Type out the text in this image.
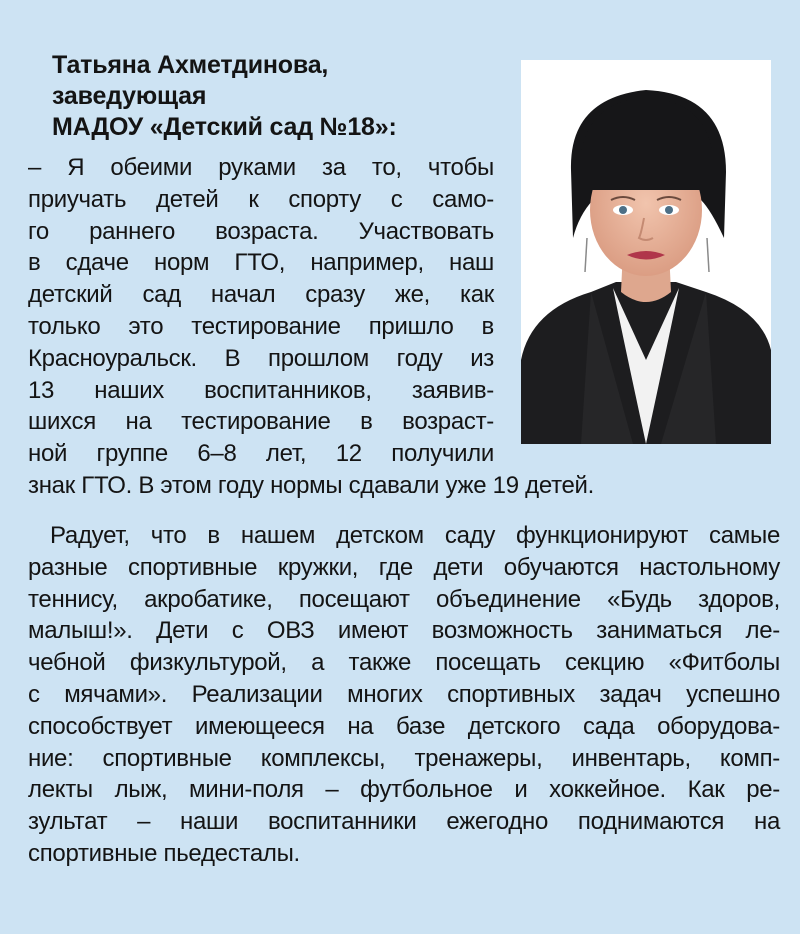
Татьяна Ахметдинова,
заведующая
МАДОУ «Детский сад №18»:
– Я обеими руками за то, чтобы
приучать детей к спорту с само-
го раннего возраста. Участвовать
в сдаче норм ГТО, например, наш
детский сад начал сразу же, как
только это тестирование пришло в
Красноуральск. В прошлом году из
13 наших воспитанников, заявив-
шихся на тестирование в возраст-
ной группе 6–8 лет, 12 получили
знак ГТО. В этом году нормы сдавали уже 19 детей.
Радует, что в нашем детском саду функционируют самые
разные спортивные кружки, где дети обучаются настольному
теннису, акробатике, посещают объединение «Будь здоров,
малыш!». Дети с ОВЗ имеют возможность заниматься ле-
чебной физкультурой, а также посещать секцию «Фитболы
с мячами». Реализации многих спортивных задач успешно
способствует имеющееся на базе детского сада оборудова-
ние: спортивные комплексы, тренажеры, инвентарь, комп-
лекты лыж, мини-поля – футбольное и хоккейное. Как ре-
зультат – наши воспитанники ежегодно поднимаются на
спортивные пьедесталы.
